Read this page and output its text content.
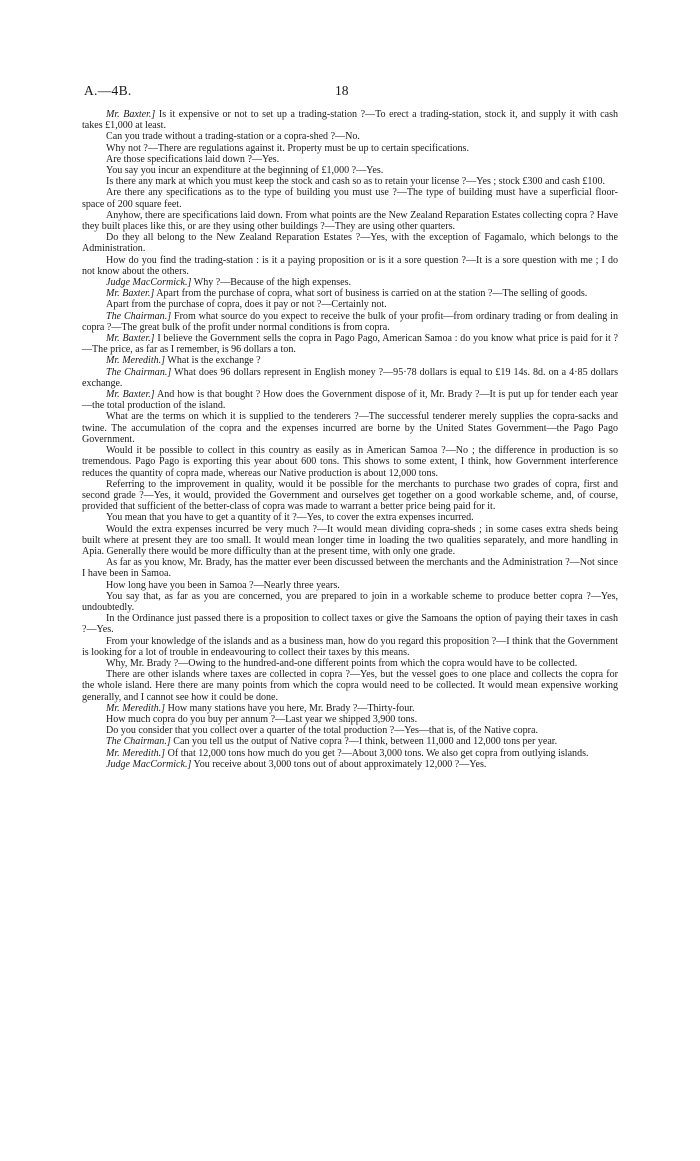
A.—4B.	18

Mr. Baxter.] Is it expensive or not to set up a trading-station ?—To erect a trading-station, stock it, and supply it with cash takes £1,000 at least.

Can you trade without a trading-station or a copra-shed ?—No.

Why not ?—There are regulations against it. Property must be up to certain specifications.

Are those specifications laid down ?—Yes.

You say you incur an expenditure at the beginning of £1,000 ?—Yes.

Is there any mark at which you must keep the stock and cash so as to retain your license ?—Yes ; stock £300 and cash £100.

Are there any specifications as to the type of building you must use ?—The type of building must have a superficial floor-space of 200 square feet.

Anyhow, there are specifications laid down. From what points are the New Zealand Reparation Estates collecting copra ? Have they built places like this, or are they using other buildings ?—They are using other quarters.

Do they all belong to the New Zealand Reparation Estates ?—Yes, with the exception of Fagamalo, which belongs to the Administration.

How do you find the trading-station : is it a paying proposition or is it a sore question ?—It is a sore question with me ; I do not know about the others.

Judge MacCormick.] Why ?—Because of the high expenses.

Mr. Baxter.] Apart from the purchase of copra, what sort of business is carried on at the station ?—The selling of goods.

Apart from the purchase of copra, does it pay or not ?—Certainly not.

The Chairman.] From what source do you expect to receive the bulk of your profit—from ordinary trading or from dealing in copra ?—The great bulk of the profit under normal conditions is from copra.

Mr. Baxter.] I believe the Government sells the copra in Pago Pago, American Samoa : do you know what price is paid for it ?—The price, as far as I remember, is 96 dollars a ton.

Mr. Meredith.] What is the exchange ?

The Chairman.] What does 96 dollars represent in English money ?—95·78 dollars is equal to £19 14s. 8d. on a 4·85 dollars exchange.

Mr. Baxter.] And how is that bought ? How does the Government dispose of it, Mr. Brady ?—It is put up for tender each year—the total production of the island.

What are the terms on which it is supplied to the tenderers ?—The successful tenderer merely supplies the copra-sacks and twine. The accumulation of the copra and the expenses incurred are borne by the United States Government—the Pago Pago Government.

Would it be possible to collect in this country as easily as in American Samoa ?—No ; the difference in production is so tremendous. Pago Pago is exporting this year about 600 tons. This shows to some extent, I think, how Government interference reduces the quantity of copra made, whereas our Native production is about 12,000 tons.

Referring to the improvement in quality, would it be possible for the merchants to purchase two grades of copra, first and second grade ?—Yes, it would, provided the Government and ourselves get together on a good workable scheme, and, of course, provided that sufficient of the better-class of copra was made to warrant a better price being paid for it.

You mean that you have to get a quantity of it ?—Yes, to cover the extra expenses incurred.

Would the extra expenses incurred be very much ?—It would mean dividing copra-sheds ; in some cases extra sheds being built where at present they are too small. It would mean longer time in loading the two qualities separately, and more handling in Apia. Generally there would be more difficulty than at the present time, with only one grade.

As far as you know, Mr. Brady, has the matter ever been discussed between the merchants and the Administration ?—Not since I have been in Samoa.

How long have you been in Samoa ?—Nearly three years.

You say that, as far as you are concerned, you are prepared to join in a workable scheme to produce better copra ?—Yes, undoubtedly.

In the Ordinance just passed there is a proposition to collect taxes or give the Samoans the option of paying their taxes in cash ?—Yes.

From your knowledge of the islands and as a business man, how do you regard this proposition ?—I think that the Government is looking for a lot of trouble in endeavouring to collect their taxes by this means.

Why, Mr. Brady ?—Owing to the hundred-and-one different points from which the copra would have to be collected.

There are other islands where taxes are collected in copra ?—Yes, but the vessel goes to one place and collects the copra for the whole island. Here there are many points from which the copra would need to be collected. It would mean expensive working generally, and I cannot see how it could be done.

Mr. Meredith.] How many stations have you here, Mr. Brady ?—Thirty-four.

How much copra do you buy per annum ?—Last year we shipped 3,900 tons.

Do you consider that you collect over a quarter of the total production ?—Yes—that is, of the Native copra.

The Chairman.] Can you tell us the output of Native copra ?—I think, between 11,000 and 12,000 tons per year.

Mr. Meredith.] Of that 12,000 tons how much do you get ?—About 3,000 tons. We also get copra from outlying islands.

Judge MacCormick.] You receive about 3,000 tons out of about approximately 12,000 ?—Yes.
